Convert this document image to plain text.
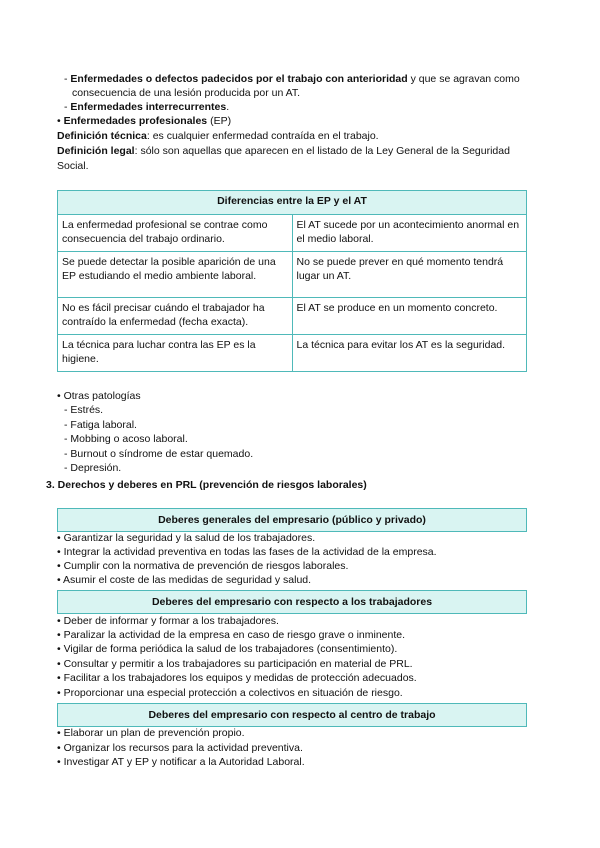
- Enfermedades o defectos padecidos por el trabajo con anterioridad y que se agravan como
consecuencia de una lesión producida por un AT.
- Enfermedades interrecurrentes.
• Enfermedades profesionales (EP)
Definición técnica: es cualquier enfermedad contraída en el trabajo.
Definición legal: sólo son aquellas que aparecen en el listado de la Ley General de la Seguridad
Social.
Diferencias entre la EP y el AT	
La enfermedad profesional se contrae como consecuencia del trabajo ordinario.	El AT sucede por un acontecimiento anormal en el medio laboral.
Se puede detectar la posible aparición de una EP estudiando el medio ambiente laboral.	No se puede prever en qué momento tendrá lugar un AT.
No es fácil precisar cuándo el trabajador ha contraído la enfermedad (fecha exacta).	El AT se produce en un momento concreto.
La técnica para luchar contra las EP es la higiene.	La técnica para evitar los AT es la seguridad.
• Otras patologías
- Estrés.
- Fatiga laboral.
- Mobbing o acoso laboral.
- Burnout o síndrome de estar quemado.
- Depresión.
3. Derechos y deberes en PRL (prevención de riesgos laborales)
Deberes generales del empresario (público y privado)
• Garantizar la seguridad y la salud de los trabajadores.
• Integrar la actividad preventiva en todas las fases de la actividad de la empresa.
• Cumplir con la normativa de prevención de riesgos laborales.
• Asumir el coste de las medidas de seguridad y salud.
Deberes del empresario con respecto a los trabajadores
• Deber de informar y formar a los trabajadores.
• Paralizar la actividad de la empresa en caso de riesgo grave o inminente.
• Vigilar de forma periódica la salud de los trabajadores (consentimiento).
• Consultar y permitir a los trabajadores su participación en material de PRL.
• Facilitar a los trabajadores los equipos y medidas de protección adecuados.
• Proporcionar una especial protección a colectivos en situación de riesgo.
Deberes del empresario con respecto al centro de trabajo
• Elaborar un plan de prevención propio.
• Organizar los recursos para la actividad preventiva.
• Investigar AT y EP y notificar a la Autoridad Laboral.
